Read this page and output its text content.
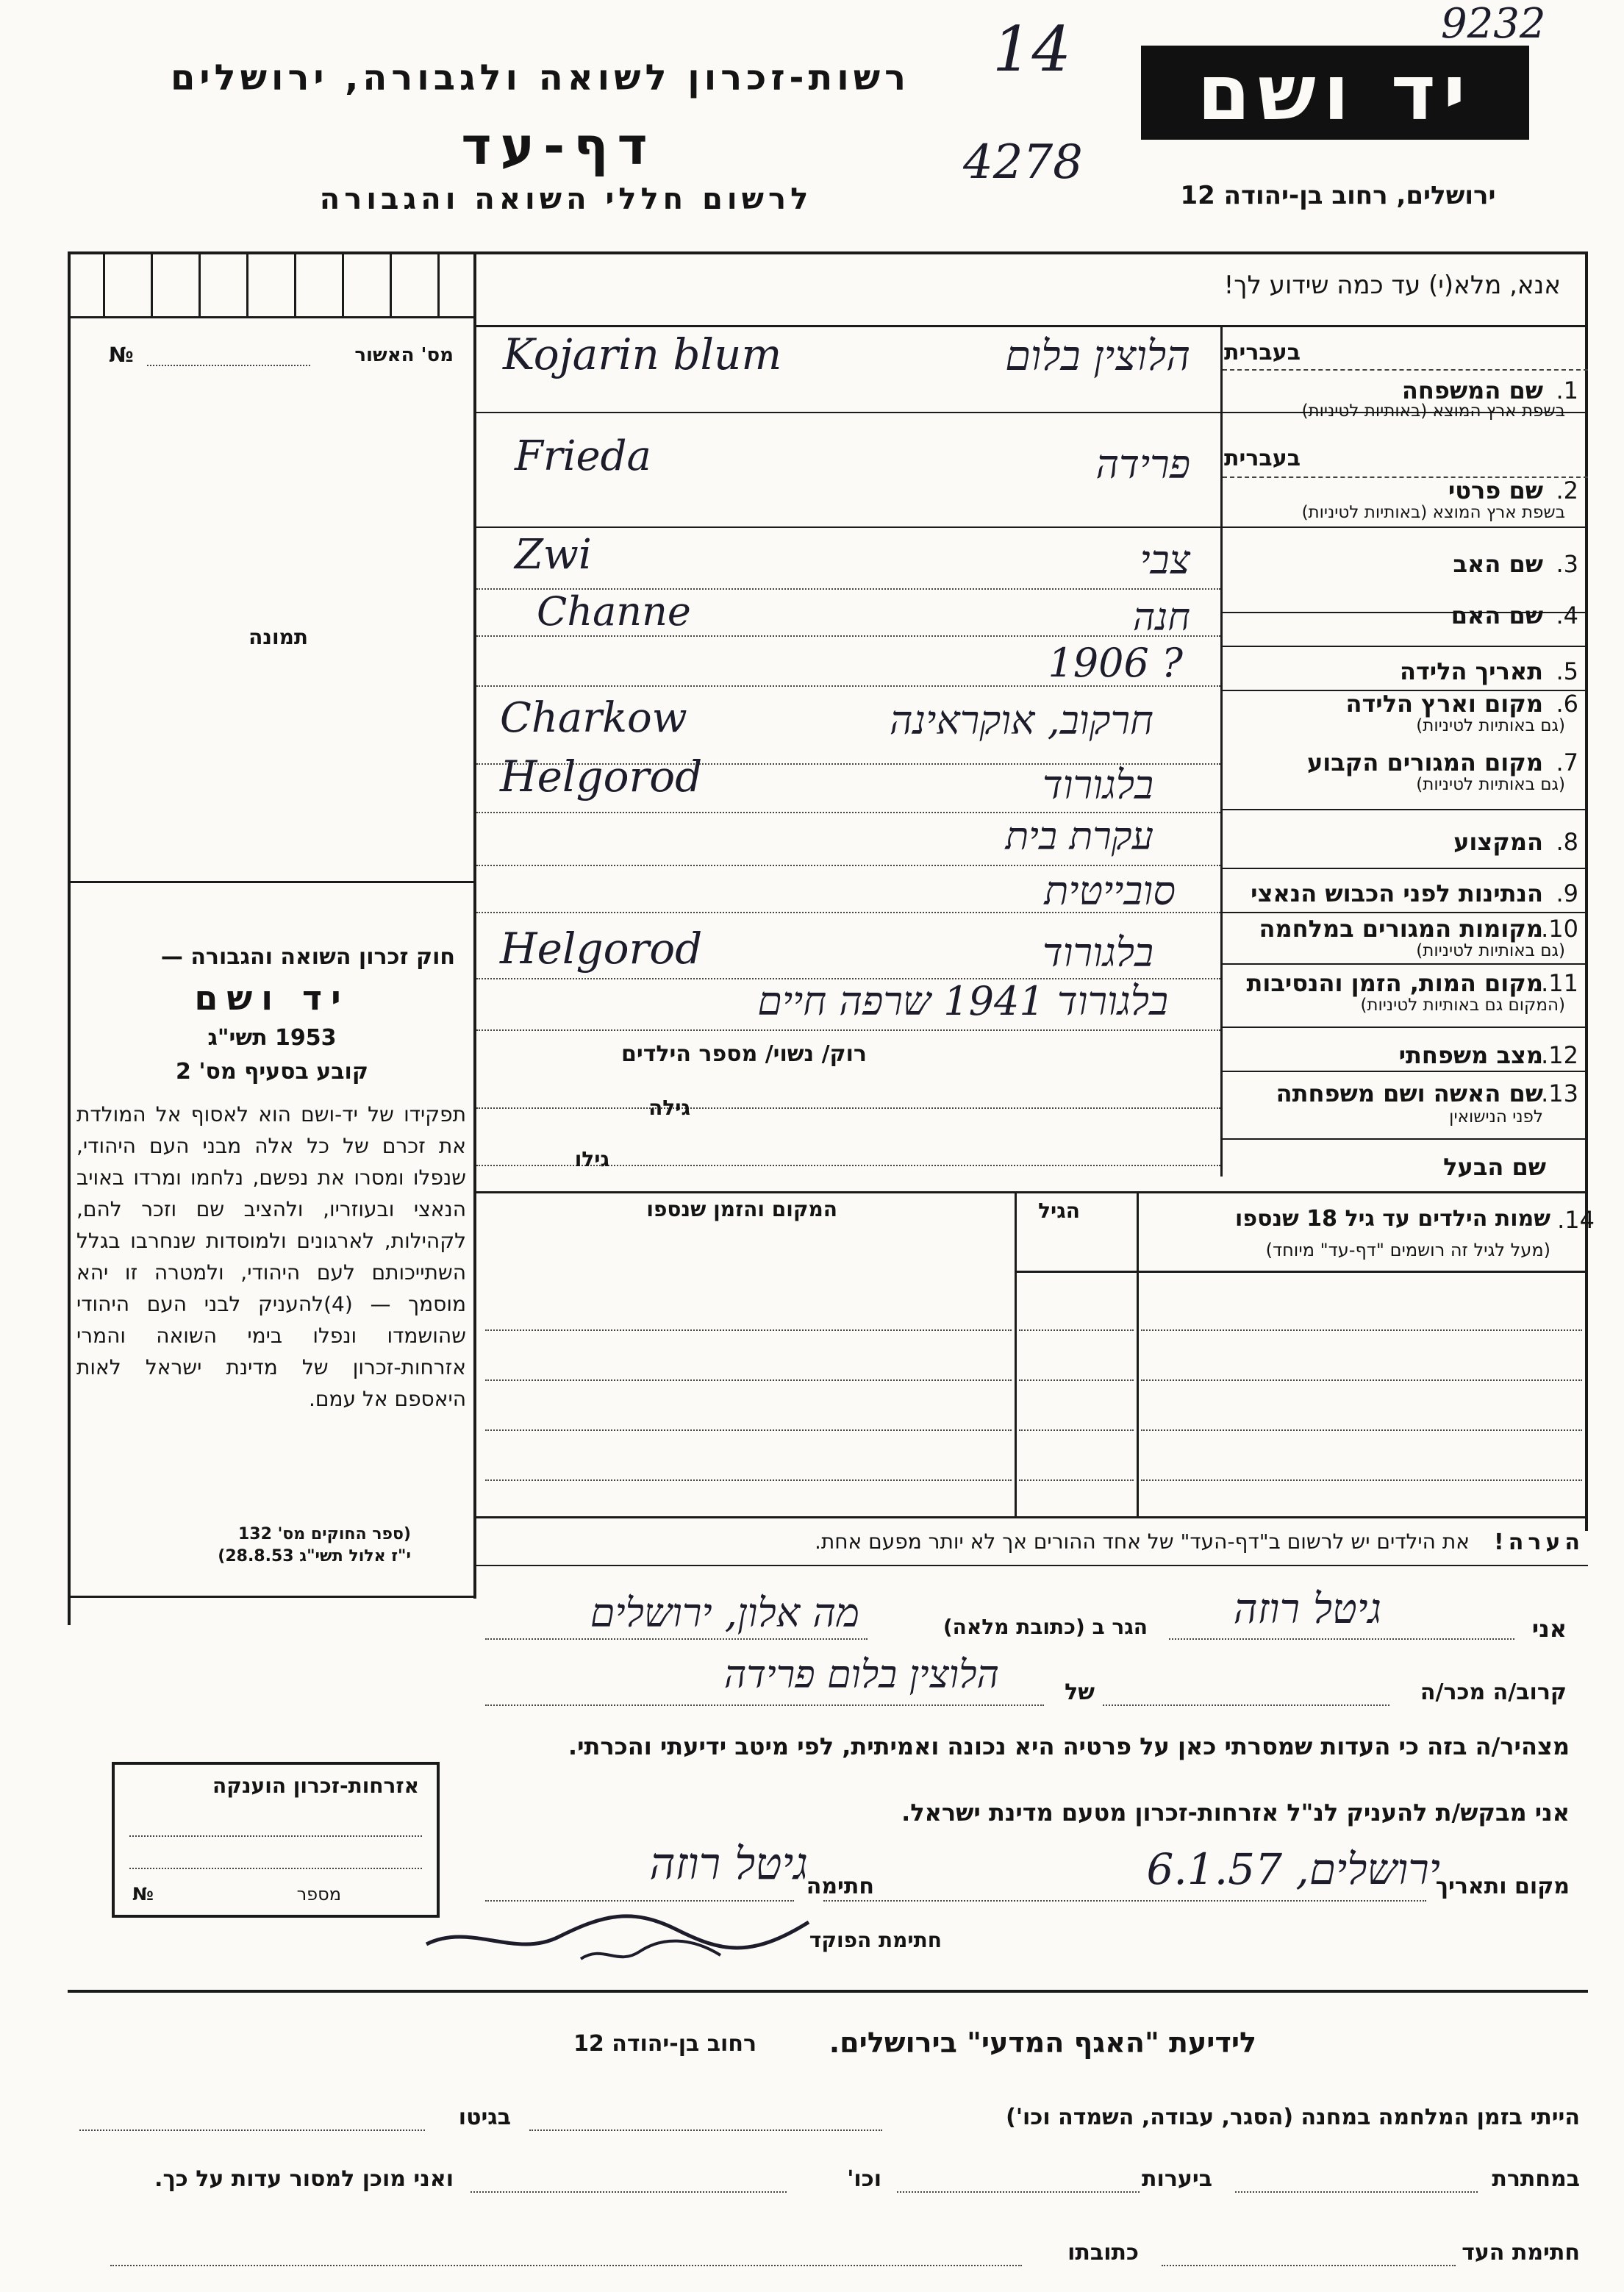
יד ושם
9232
רשות-זכרון לשואה ולגבורה, ירושלים
דף-עד
לרשום חללי השואה והגבורה	ירושלים, רחוב בן-יהודה 12
14
4278
אנא, מלא(י) עד כמה שידוע לך!
מס' האשור
№
תמונה
בעברית
1.
שם המשפחה
בשפת ארץ המוצא (באותיות לטיניות)
הלוצין בלום
Kojarin blum
בעברית
2.
שם פרטי
בשפת ארץ המוצא (באותיות לטיניות)
פרידה
Frieda
3.
שם האב
צבי
Zwi
4.
שם האם
חנה
Channe
5.
תאריך הלידה
? 1906
6.
מקום וארץ הלידה
(גם באותיות לטיניות)
חרקוב, אוקראינה
Charkow
7.
מקום המגורים הקבוע
(גם באותיות לטיניות)
בלגורוד
Helgorod
8.
המקצוע
עקרת בית
9.
הנתינות לפני הכבוש הנאצי
סובייטית
10.
מקומות המגורים במלחמה
(גם באותיות לטיניות)
בלגורוד
Helgorod
11.
מקום המות, הזמן והנסיבות
(המקום גם באותיות לטיניות)
בלגורוד 1941 שרפה חיים
12.
מצב משפחתי
רוק/ נשוי/ מספר הילדים
13.
שם האשה ושם משפחתה
לפני הנישואין
גילה
שם הבעל
גילו
14.
שמות הילדים עד גיל 18 שנספו
(מעל לגיל זה רושמים "דף-עד" מיוחד)
הגיל
המקום והזמן שנספו
הערה!
את הילדים יש לרשום ב"דף-העד" של אחד ההורים אך לא יותר מפעם אחת.
חוק זכרון השואה והגבורה —
יד ושם
1953 תשי"ג
קובע בסעיף מס' 2
תפקידו של יד-ושם הוא לאסוף אל המולדת את זכרם של כל אלה מבני העם היהודי, שנפלו ומסרו את נפשם, נלחמו ומרדו באויב הנאצי ובעוזריו, ולהציב שם וזכר להם, לקהילות, לארגונים ולמוסדות שנחרבו בגלל השתייכותם לעם היהודי, ולמטרה זו יהא מוסמך — (4)להעניק לבני העם היהודי שהושמדו ונפלו בימי השואה והמרי אזרחות-זכרון של מדינת ישראל לאות היאספם אל עמם.
(ספר החוקים מס' 132
י"ז אלול תשי"ג 28.8.53)
אני
גיטל רוזה
הגר ב (כתובת מלאה)
מה אלון, ירושלים
קרוב/ה מכר/ה
של
הלוצין בלום פרידה
מצהיר/ה בזה כי העדות שמסרתי כאן על פרטיה היא נכונה ואמיתית, לפי מיטב ידיעתי והכרתי.
אני מבקש/ת להעניק לנ"ל אזרחות-זכרון מטעם מדינת ישראל.
מקום ותאריך
ירושלים, 6.1.57
חתימה
גיטל רוזה
חתימת הפוקד
אזרחות-זכרון הוענקה
מספר
№
לידיעת "האגף המדעי" בירושלים.
רחוב בן-יהודה 12
הייתי בזמן המלחמה במחנה (הסגר, עבודה, השמדה וכו')
בגיטו
במחתרת
ביערות
וכו'
ואני מוכן למסור עדות על כך.
חתימת העד
כתובתו
